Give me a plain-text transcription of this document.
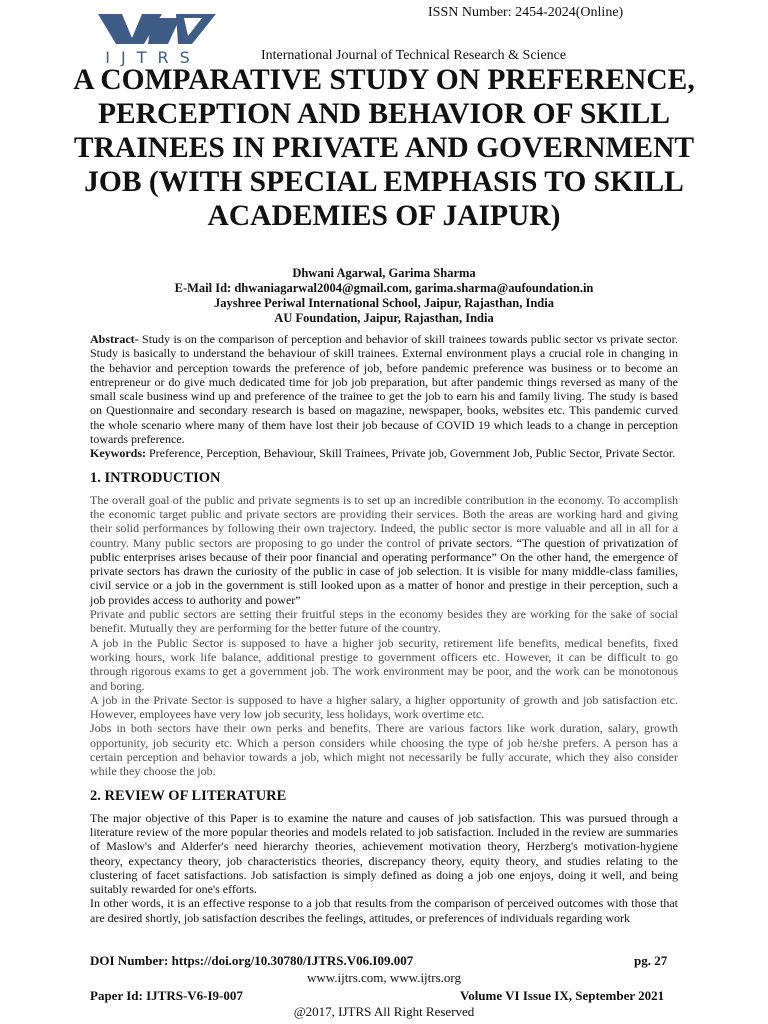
IJTRS
ISSN Number: 2454-2024(Online)
International Journal of Technical Research & Science
A COMPARATIVE STUDY ON PREFERENCE, PERCEPTION AND BEHAVIOR OF SKILL TRAINEES IN PRIVATE AND GOVERNMENT JOB (WITH SPECIAL EMPHASIS TO SKILL ACADEMIES OF JAIPUR)
Dhwani Agarwal, Garima Sharma
E-Mail Id: dhwaniagarwal2004@gmail.com, garima.sharma@aufoundation.in
Jayshree Periwal International School, Jaipur, Rajasthan, India
AU Foundation, Jaipur, Rajasthan, India

Abstract- Study is on the comparison of perception and behavior of skill trainees towards public sector vs private sector. Study is basically to understand the behaviour of skill trainees. External environment plays a crucial role in changing in the behavior and perception towards the preference of job, before pandemic preference was business or to become an entrepreneur or do give much dedicated time for job job preparation, but after pandemic things reversed as many of the small scale business wind up and preference of the trainee to get the job to earn his and family living. The study is based on Questionnaire and secondary research is based on magazine, newspaper, books, websites etc. This pandemic curved the whole scenario where many of them have lost their job because of COVID 19 which leads to a change in perception towards preference.

Keywords: Preference, Perception, Behaviour, Skill Trainees, Private job, Government Job, Public Sector, Private Sector.

1. INTRODUCTION

The overall goal of the public and private segments is to set up an incredible contribution in the economy. To accomplish the economic target public and private sectors are providing their services. Both the areas are working hard and giving their solid performances by following their own trajectory. Indeed, the public sector is more valuable and all in all for a country. Many public sectors are proposing to go under the control of private sectors. “The question of privatization of public enterprises arises because of their poor financial and operating performance” On the other hand, the emergence of private sectors has drawn the curiosity of the public in case of job selection. It is visible for many middle-class families, civil service or a job in the government is still looked upon as a matter of honor and prestige in their perception, such a job provides access to authority and power”

Private and public sectors are setting their fruitful steps in the economy besides they are working for the sake of social benefit. Mutually they are performing for the better future of the country.

A job in the Public Sector is supposed to have a higher job security, retirement life benefits, medical benefits, fixed working hours, work life balance, additional prestige to government officers etc. However, it can be difficult to go through rigorous exams to get a government job. The work environment may be poor, and the work can be monotonous and boring.

A job in the Private Sector is supposed to have a higher salary, a higher opportunity of growth and job satisfaction etc. However, employees have very low job security, less holidays, work overtime etc.

Jobs in both sectors have their own perks and benefits. There are various factors like work duration, salary, growth opportunity, job security etc. Which a person considers while choosing the type of job he/she prefers. A person has a certain perception and behavior towards a job, which might not necessarily be fully accurate, which they also consider while they choose the job.

2. REVIEW OF LITERATURE

The major objective of this Paper is to examine the nature and causes of job satisfaction. This was pursued through a literature review of the more popular theories and models related to job satisfaction. Included in the review are summaries of Maslow's and Alderfer's need hierarchy theories, achievement motivation theory, Herzberg's motivation-hygiene theory, expectancy theory, job characteristics theories, discrepancy theory, equity theory, and studies relating to the clustering of facet satisfactions. Job satisfaction is simply defined as doing a job one enjoys, doing it well, and being suitably rewarded for one's efforts.

In other words, it is an effective response to a job that results from the comparison of perceived outcomes with those that are desired shortly, job satisfaction describes the feelings, attitudes, or preferences of individuals regarding work

DOI Number: https://doi.org/10.30780/IJTRS.V06.I09.007	pg. 27
www.ijtrs.com, www.ijtrs.org
Paper Id: IJTRS-V6-I9-007	Volume VI Issue IX, September 2021
@2017, IJTRS All Right Reserved
